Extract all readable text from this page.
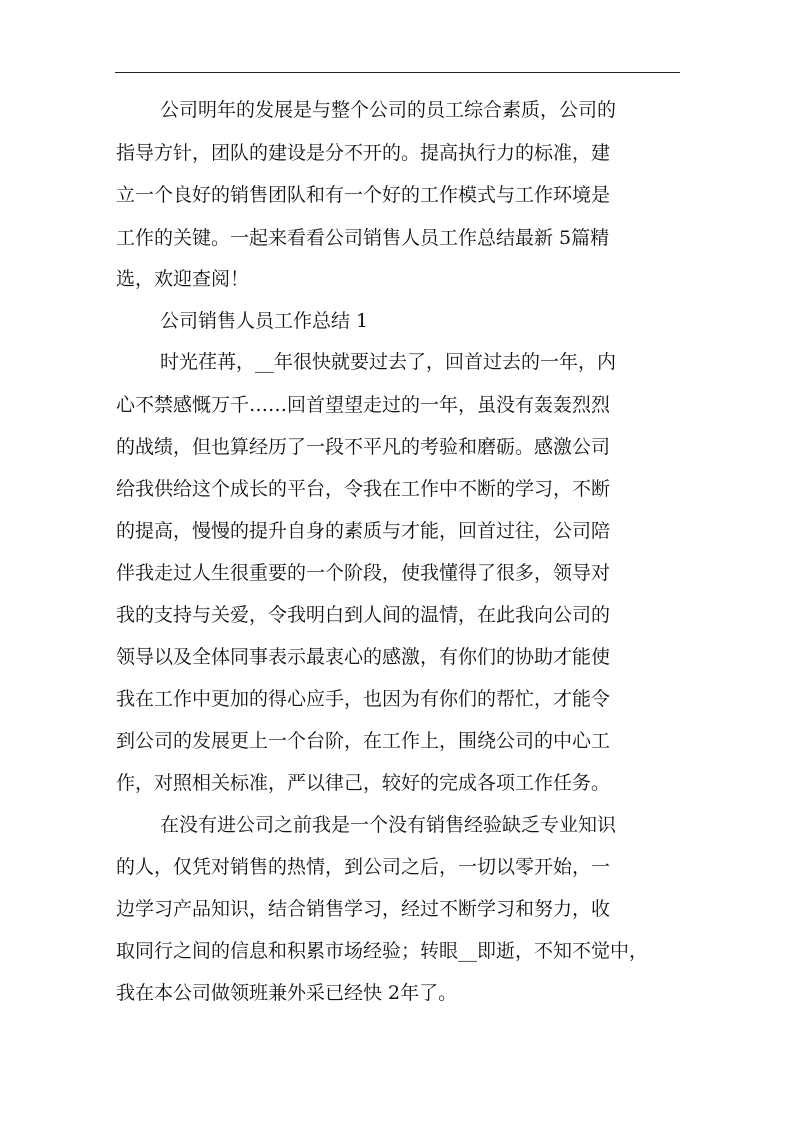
公司明年的发展是与整个公司的员工综合素质，公司的
指导方针，团队的建设是分不开的。提高执行力的标准，建
立一个良好的销售团队和有一个好的工作模式与工作环境是
工作的关键。一起来看看公司销售人员工作总结最新 5篇精
选，欢迎查阅！
公司销售人员工作总结 1
时光荏苒，__年很快就要过去了，回首过去的一年，内
心不禁感慨万千……回首望望走过的一年，虽没有轰轰烈烈
的战绩，但也算经历了一段不平凡的考验和磨砺。感激公司
给我供给这个成长的平台，令我在工作中不断的学习，不断
的提高，慢慢的提升自身的素质与才能，回首过往，公司陪
伴我走过人生很重要的一个阶段，使我懂得了很多，领导对
我的支持与关爱，令我明白到人间的温情，在此我向公司的
领导以及全体同事表示最衷心的感激，有你们的协助才能使
我在工作中更加的得心应手，也因为有你们的帮忙，才能令
到公司的发展更上一个台阶，在工作上，围绕公司的中心工
作，对照相关标准，严以律己，较好的完成各项工作任务。
在没有进公司之前我是一个没有销售经验缺乏专业知识
的人，仅凭对销售的热情，到公司之后，一切以零开始，一
边学习产品知识，结合销售学习，经过不断学习和努力，收
取同行之间的信息和积累市场经验；转眼__即逝，不知不觉中，
我在本公司做领班兼外采已经快 2年了。
